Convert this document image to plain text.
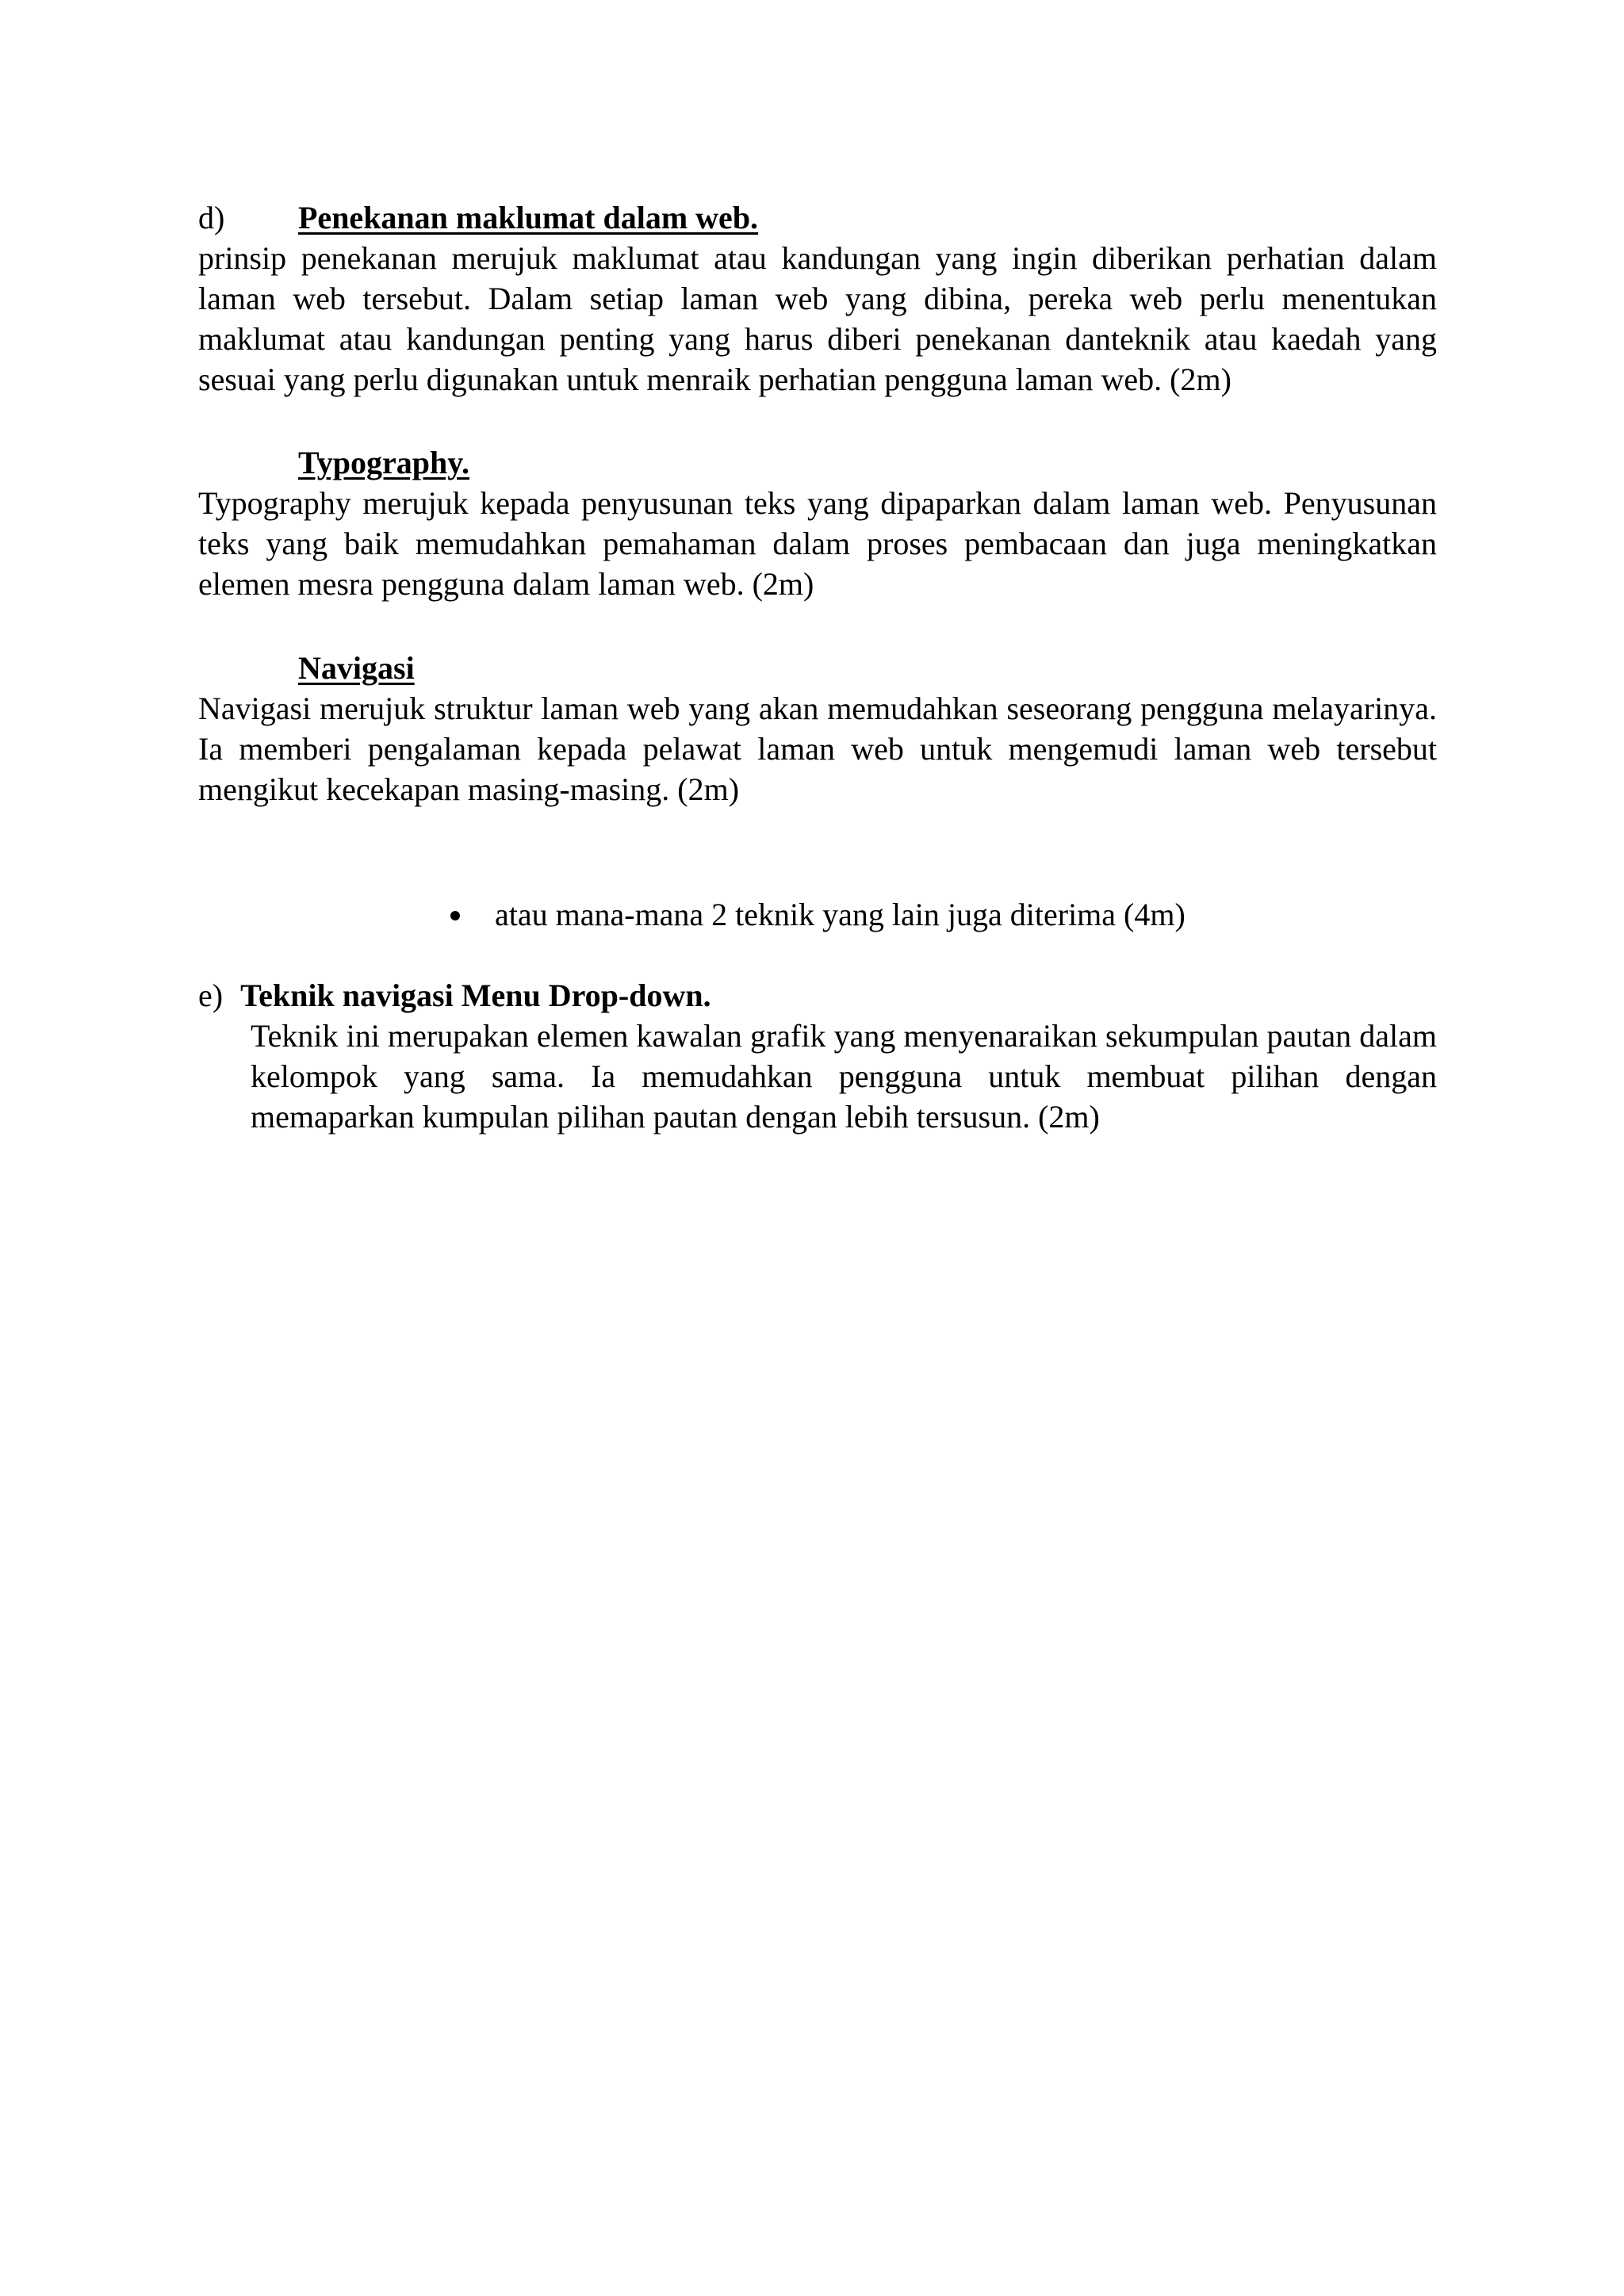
d) Penekanan maklumat dalam web.

prinsip penekanan merujuk maklumat atau kandungan yang ingin diberikan perhatian dalam laman web tersebut. Dalam setiap laman web yang dibina, pereka web perlu menentukan maklumat atau kandungan penting yang harus diberi penekanan danteknik atau kaedah yang sesuai yang perlu digunakan untuk menraik perhatian pengguna laman web. (2m)

Typography.

Typography merujuk kepada penyusunan teks yang dipaparkan dalam laman web. Penyusunan teks yang baik memudahkan pemahaman dalam proses pembacaan dan juga meningkatkan elemen mesra pengguna dalam laman web. (2m)

Navigasi

Navigasi merujuk struktur laman web yang akan memudahkan seseorang pengguna melayarinya. Ia memberi pengalaman kepada pelawat laman web untuk mengemudi laman web tersebut mengikut kecekapan masing-masing. (2m)

atau mana-mana 2 teknik yang lain juga diterima (4m)
e) Teknik navigasi Menu Drop-down.

Teknik ini merupakan elemen kawalan grafik yang menyenaraikan sekumpulan pautan dalam kelompok yang sama. Ia memudahkan pengguna untuk membuat pilihan dengan memaparkan kumpulan pilihan pautan dengan lebih tersusun. (2m)
